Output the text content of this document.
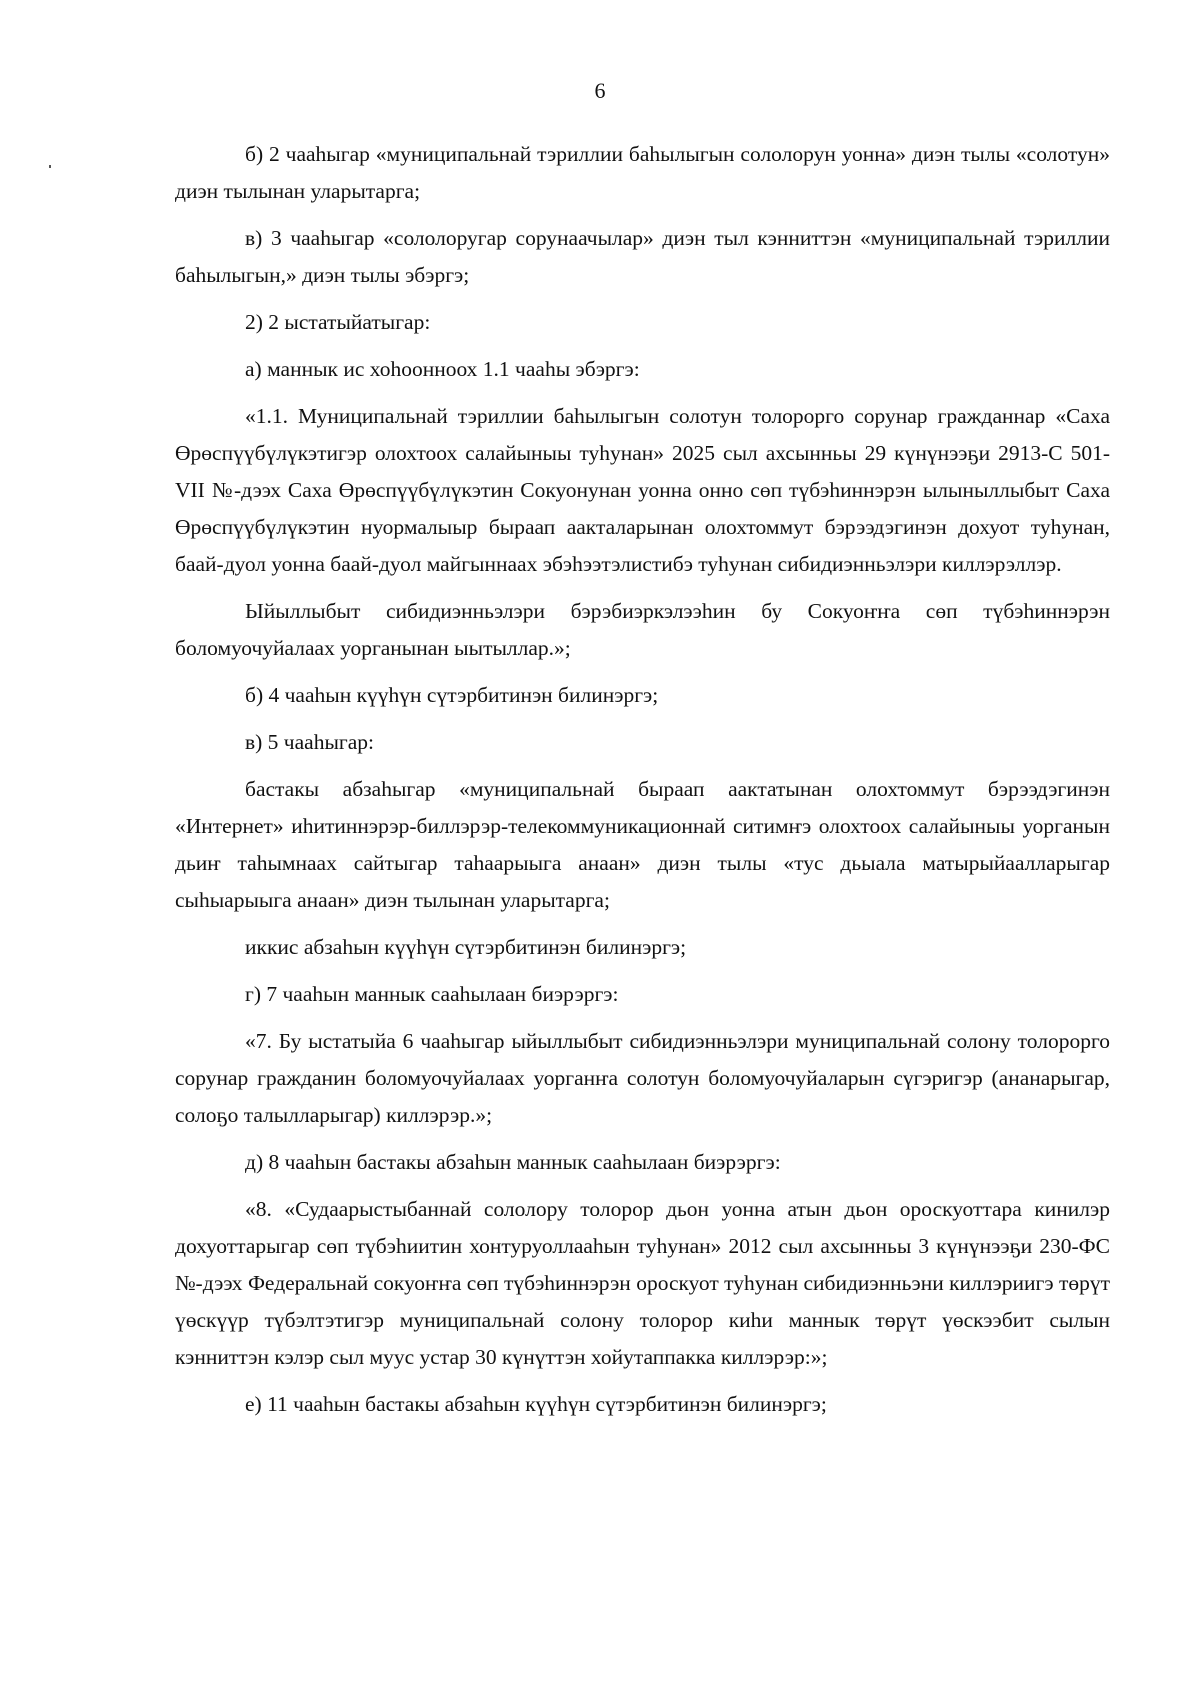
6

б) 2 чааһыгар «муниципальнай тэриллии баһылыгын сололорун уонна» диэн тылы «солотун» диэн тылынан уларытарга;

в) 3 чааһыгар «сололоругар сорунаачылар» диэн тыл кэнниттэн «муниципальнай тэриллии баһылыгын,» диэн тылы эбэргэ;

2) 2 ыстатыйатыгар:

а) маннык ис хоһоонноох 1.1 чааһы эбэргэ:

«1.1. Муниципальнай тэриллии баһылыгын солотун толорорго сорунар гражданнар «Саха Өрөспүүбүлүкэтигэр олохтоох салайыныы туһунан» 2025 сыл ахсынньы 29 күнүнээҕи 2913-С 501-VII №-дээх Саха Өрөспүүбүлүкэтин Сокуонунан уонна онно сөп түбэһиннэрэн ылыныллыбыт Саха Өрөспүүбүлүкэтин нуормалыыр быраап аакталарынан олохтоммут бэрээдэгинэн дохуот туһунан, баай-дуол уонна баай-дуол майгыннаах эбэһээтэлистибэ туһунан сибидиэнньэлэри киллэрэллэр.

Ыйыллыбыт сибидиэнньэлэри бэрэбиэркэлээһин бу Сокуоҥҥа сөп түбэһиннэрэн боломуочуйалаах уорганынан ыытыллар.»;

б) 4 чааһын күүһүн сүтэрбитинэн билинэргэ;

в) 5 чааһыгар:

бастакы абзаһыгар «муниципальнай быраап аактатынан олохтоммут бэрээдэгинэн «Интернет» иһитиннэрэр-биллэрэр-телекоммуникационнай ситимҥэ олохтоох салайыныы уорганын дьиҥ таһымнаах сайтыгар таһаарыыга анаан» диэн тылы «тус дьыала матырыйаалларыгар сыһыарыыга анаан» диэн тылынан уларытарга;

иккис абзаһын күүһүн сүтэрбитинэн билинэргэ;

г) 7 чааһын маннык сааһылаан биэрэргэ:

«7. Бу ыстатыйа 6 чааһыгар ыйыллыбыт сибидиэнньэлэри муниципальнай солону толорорго сорунар гражданин боломуочуйалаах уорганҥа солотун боломуочуйаларын сүгэригэр (ананарыгар, солоҕо талылларыгар) киллэрэр.»;

д) 8 чааһын бастакы абзаһын маннык сааһылаан биэрэргэ:

«8. «Судаарыстыбаннай сололору толорор дьон уонна атын дьон ороскуоттара кинилэр дохуоттарыгар сөп түбэһиитин хонтуруоллааһын туһунан» 2012 сыл ахсынньы 3 күнүнээҕи 230-ФС №-дээх Федеральнай сокуоҥҥа сөп түбэһиннэрэн ороскуот туһунан сибидиэнньэни киллэриигэ төрүт үөскүүр түбэлтэтигэр муниципальнай солону толорор киһи маннык төрүт үөскээбит сылын кэнниттэн кэлэр сыл муус устар 30 күнүттэн хойутаппакка киллэрэр:»;

е) 11 чааһын бастакы абзаһын күүһүн сүтэрбитинэн билинэргэ;
